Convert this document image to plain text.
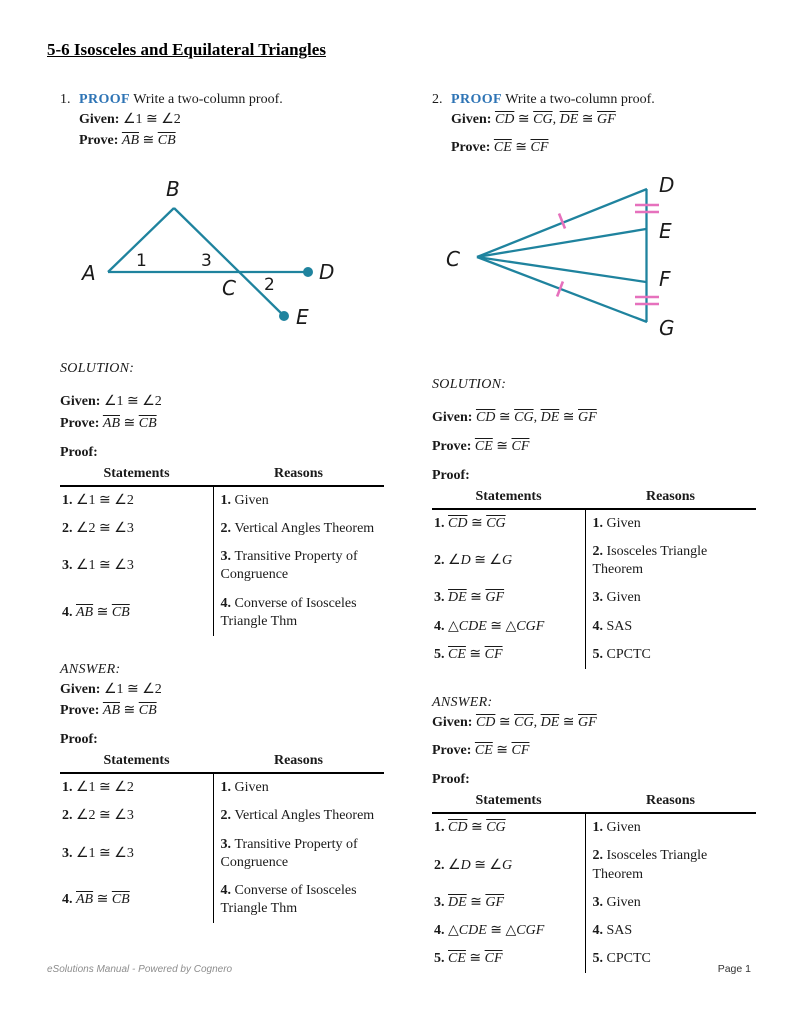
5-6 Isosceles and Equilateral Triangles
1. PROOF Write a two-column proof.
Given: ∠1 ≅ ∠2
Prove: $\overline{AB}$ ≅ $\overline{CB}$
A
B
C
D
E
1	3
2
SOLUTION:
Given: ∠1 ≅ ∠2
Prove: $\overline{AB}$ ≅ $\overline{CB}$
Proof:
Statements	Reasons
1. ∠1 ≅ ∠2	1. Given
2. ∠2 ≅ ∠3	2. Vertical Angles Theorem
3. ∠1 ≅ ∠3	3. Transitive Property of Congruence
4. $\overline{AB}$ ≅ $\overline{CB}$	4. Converse of Isosceles Triangle Thm
ANSWER:
Given: ∠1 ≅ ∠2
Prove: $\overline{AB}$ ≅ $\overline{CB}$
Proof:
Statements	Reasons
1. ∠1 ≅ ∠2	1. Given
2. ∠2 ≅ ∠3	2. Vertical Angles Theorem
3. ∠1 ≅ ∠3	3. Transitive Property of Congruence
4. $\overline{AB}$ ≅ $\overline{CB}$	4. Converse of Isosceles Triangle Thm
2. PROOF Write a two-column proof.
Given: $\overline{CD}$ ≅ $\overline{CG}$, $\overline{DE}$ ≅ $\overline{GF}$
Prove: $\overline{CE}$ ≅ $\overline{CF}$
C
D
E
F
G
SOLUTION:
Given: $\overline{CD}$ ≅ $\overline{CG}$, $\overline{DE}$ ≅ $\overline{GF}$
Prove: $\overline{CE}$ ≅ $\overline{CF}$
Proof:
Statements	Reasons
1. $\overline{CD}$ ≅ $\overline{CG}$	1. Given
2. ∠D ≅ ∠G	2. Isosceles Triangle Theorem
3. $\overline{DE}$ ≅ $\overline{GF}$	3. Given
4. △CDE ≅ △CGF	4. SAS
5. $\overline{CE}$ ≅ $\overline{CF}$	5. CPCTC
ANSWER:
Given: $\overline{CD}$ ≅ $\overline{CG}$, $\overline{DE}$ ≅ $\overline{GF}$
Prove: $\overline{CE}$ ≅ $\overline{CF}$
Proof:
Statements	Reasons
1. $\overline{CD}$ ≅ $\overline{CG}$	1. Given
2. ∠D ≅ ∠G	2. Isosceles Triangle Theorem
3. $\overline{DE}$ ≅ $\overline{GF}$	3. Given
4. △CDE ≅ △CGF	4. SAS
5. $\overline{CE}$ ≅ $\overline{CF}$	5. CPCTC
eSolutions Manual - Powered by Cognero	Page 1
